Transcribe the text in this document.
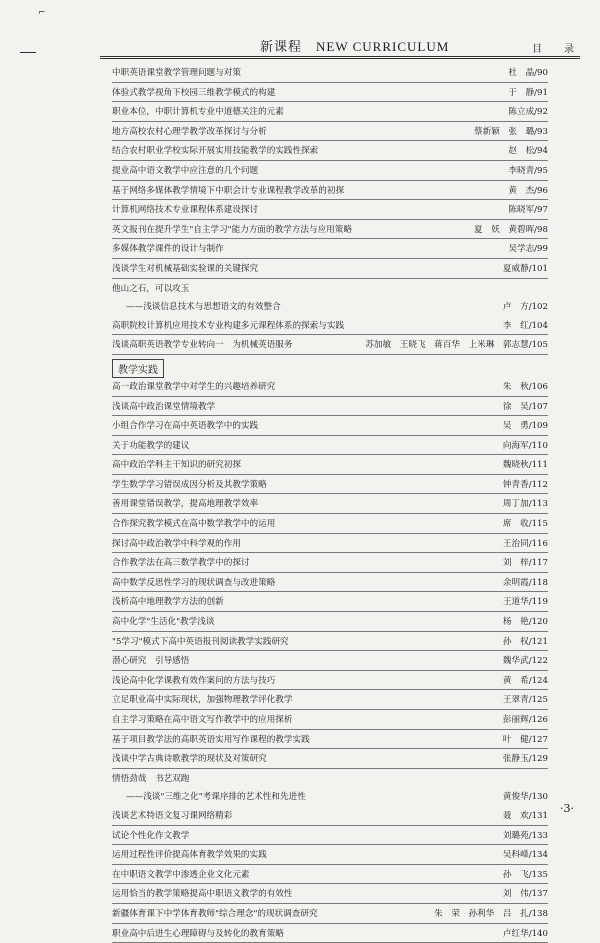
⌐
新课程　NEW CURRICULUM	目　录
中职英语课堂教学管理问题与对策	杜　晶/90
体验式教学视角下校园三维教学模式的构建	于　静/91
职业本位，中职计算机专业中道德关注的元素	陈立成/92
地方高校农村心理学教学改革探讨与分析	蔡新颖　张　璐/93
结合农村职业学校实际开展实用技能教学的实践性探索	赵　松/94
提业高中语文教学中应注意的几个问题	李晓青/95
基于网络多媒体教学情境下中职会计专业课程教学改革的初探	黄　杰/96
计算机网络技术专业课程体系建设探讨	陈晓军/97
英文报刊在提升学生"自主学习"能力方面的教学方法与应用策略	夏　妖　黄碧晖/98
多媒体教学课件的设计与制作	吴学志/99
浅谈学生对机械基础实验课的关键探究	夏威静/101
他山之石，可以攻玉
——浅谈信息技术与思想语文的有效整合	卢　方/102
高职院校计算机应用技术专业构建多元课程体系的探索与实践	李　红/104
浅谈高职英语教学专业转向一　为机械英语服务	苏加敏　王晓飞　蒋百华　上米琳　郭志慧/105
教学实践
高一政治课堂教学中对学生的兴趣培养研究	朱　秋/106
浅谈高中政治课堂情境教学	徐　吴/107
小组合作学习在高中英语教学中的实践	吴　勇/109
关于功能教学的建议	向海军/110
高中政治学科主干知识的研究初探	魏晓秋/111
学生数学学习错误成因分析及其教学策略	钟青香/112
善用课堂错误教学，提高地理教学效率	周丁加/113
合作探究教学模式在高中数学教学中的运用	席　收/115
探讨高中政治教学中科学观的作用	王治同/116
合作教学法在高三数学教学中的探讨	刘　梓/117
高中数学反思性学习的现状调查与改进策略	余明霞/118
浅析高中地理教学方法的创新	王道华/119
高中化学"生活化"教学浅谈	杨　艳/120
"5学习"模式下高中英语报刊阅读教学实践研究	孙　权/121
潜心研究　引导感悟	魏华武/122
浅论高中化学课教有效作案问的方法与技巧	黄　希/124
立足职业高中实际现状，加强物理教学评化教学	王翠青/125
自主学习策略在高中语文写作教学中的应用探析	彭丽辉/126
基于项目教学法的高职英语实用写作课程的教学实践	叶　健/127
浅谈中学古典诗歌教学的现状及对策研究	张静玉/129
情悟劲哉　书艺双跑
——浅谈"三维之化"考课序排的艺术性和先进性	黄俊华/130
浅谈艺术特语文复习课网络精彩	聂　欢/131
试论个性化作文教学	刘璐苑/133
运用过程性评价提高体育教学效果的实践	吴科峰/134
在中职语文教学中渗透企业文化元素	孙　飞/135
运用恰当的教学策略提高中职语文教学的有效性	刘　伟/137
新疆体育课下中学体育教师"综合理念"的现状调查研究	朱　荣　孙利华　吕　扎/138
职业高中后进生心理障碍与及转化的教育策略	卢红华/140
·3·
